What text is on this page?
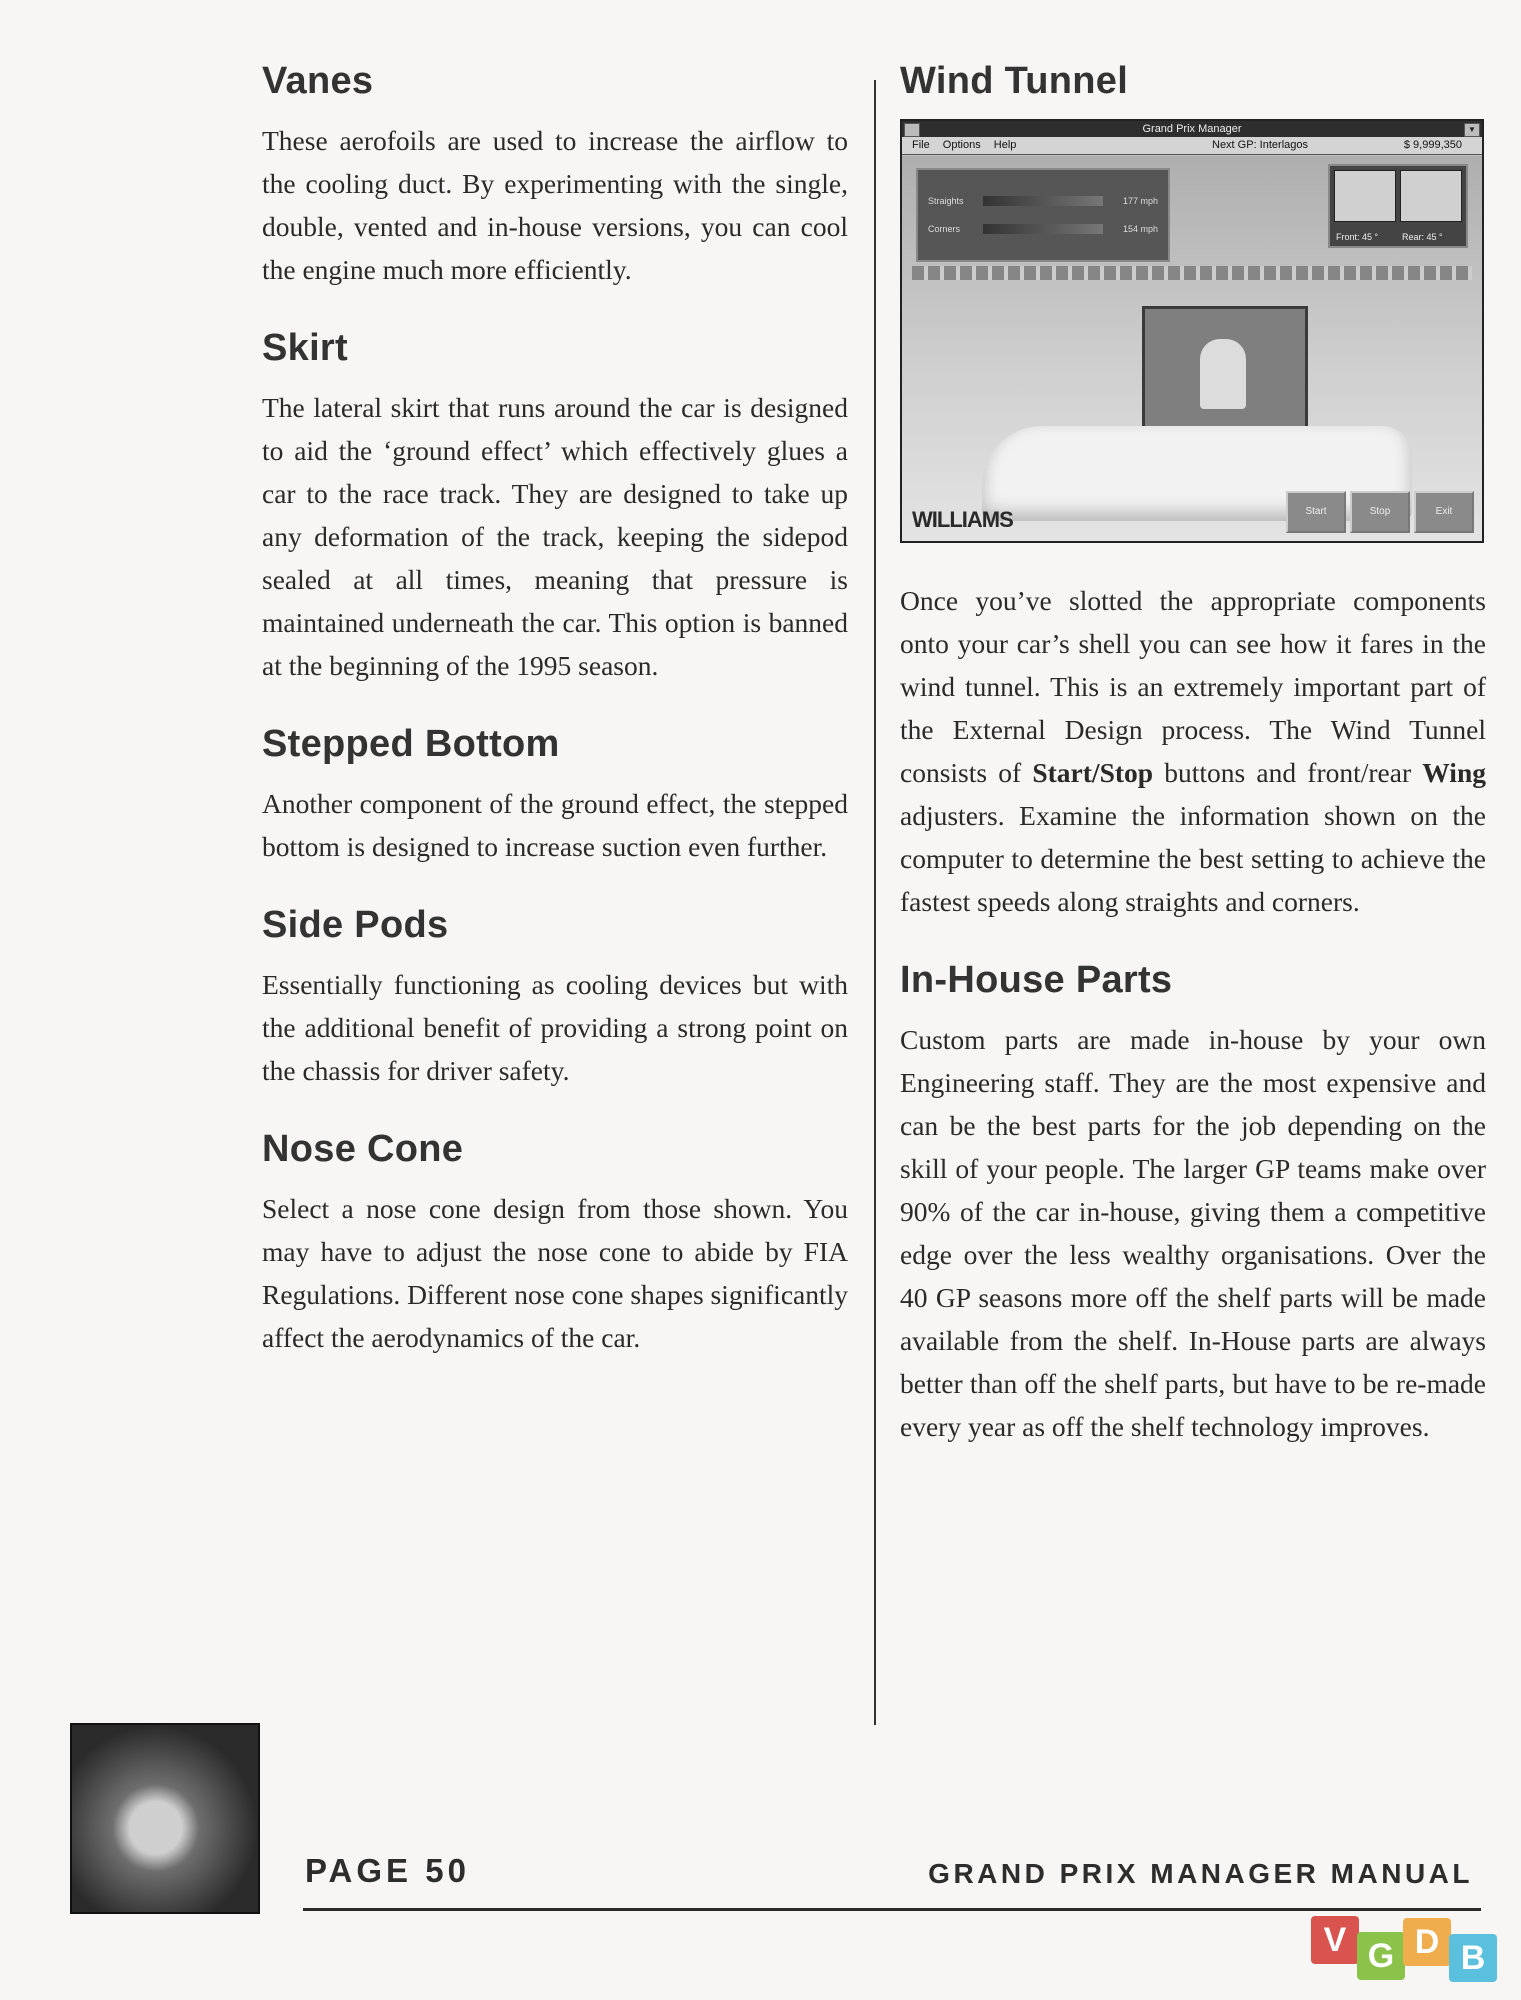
Vanes

These aerofoils are used to increase the airflow to the cooling duct. By experimenting with the single, double, vented and in-house versions, you can cool the engine much more efficiently.

Skirt

The lateral skirt that runs around the car is designed to aid the ‘ground effect’ which effectively glues a car to the race track. They are designed to take up any deformation of the track, keeping the sidepod sealed at all times, meaning that pressure is maintained underneath the car. This option is banned at the beginning of the 1995 season.

Stepped Bottom

Another component of the ground effect, the stepped bottom is designed to increase suction even further.

Side Pods

Essentially functioning as cooling devices but with the additional benefit of providing a strong point on the chassis for driver safety.

Nose Cone

Select a nose cone design from those shown. You may have to adjust the nose cone to abide by FIA Regulations. Different nose cone shapes significantly affect the aerodynamics of the car.

Wind Tunnel
Grand Prix Manager	▼
File Options Help	Next GP: Interlagos	$ 9,999,350
Straights	177 mph
Corners	154 mph
Front: 45 °	Rear: 45 °
WILLIAMS	Start	Stop	Exit

Once you’ve slotted the appropriate components onto your car’s shell you can see how it fares in the wind tunnel. This is an extremely important part of the External Design process. The Wind Tunnel consists of Start/Stop buttons and front/rear Wing adjusters. Examine the information shown on the computer to determine the best setting to achieve the fastest speeds along straights and corners.

In-House Parts

Custom parts are made in-house by your own Engineering staff. They are the most expensive and can be the best parts for the job depending on the skill of your people. The larger GP teams make over 90% of the car in-house, giving them a competitive edge over the less wealthy organisations. Over the 40 GP seasons more off the shelf parts will be made available from the shelf. In-House parts are always better than off the shelf parts, but have to be re-made every year as off the shelf technology improves.

PAGE 50	GRAND PRIX MANAGER MANUAL
V G D B
